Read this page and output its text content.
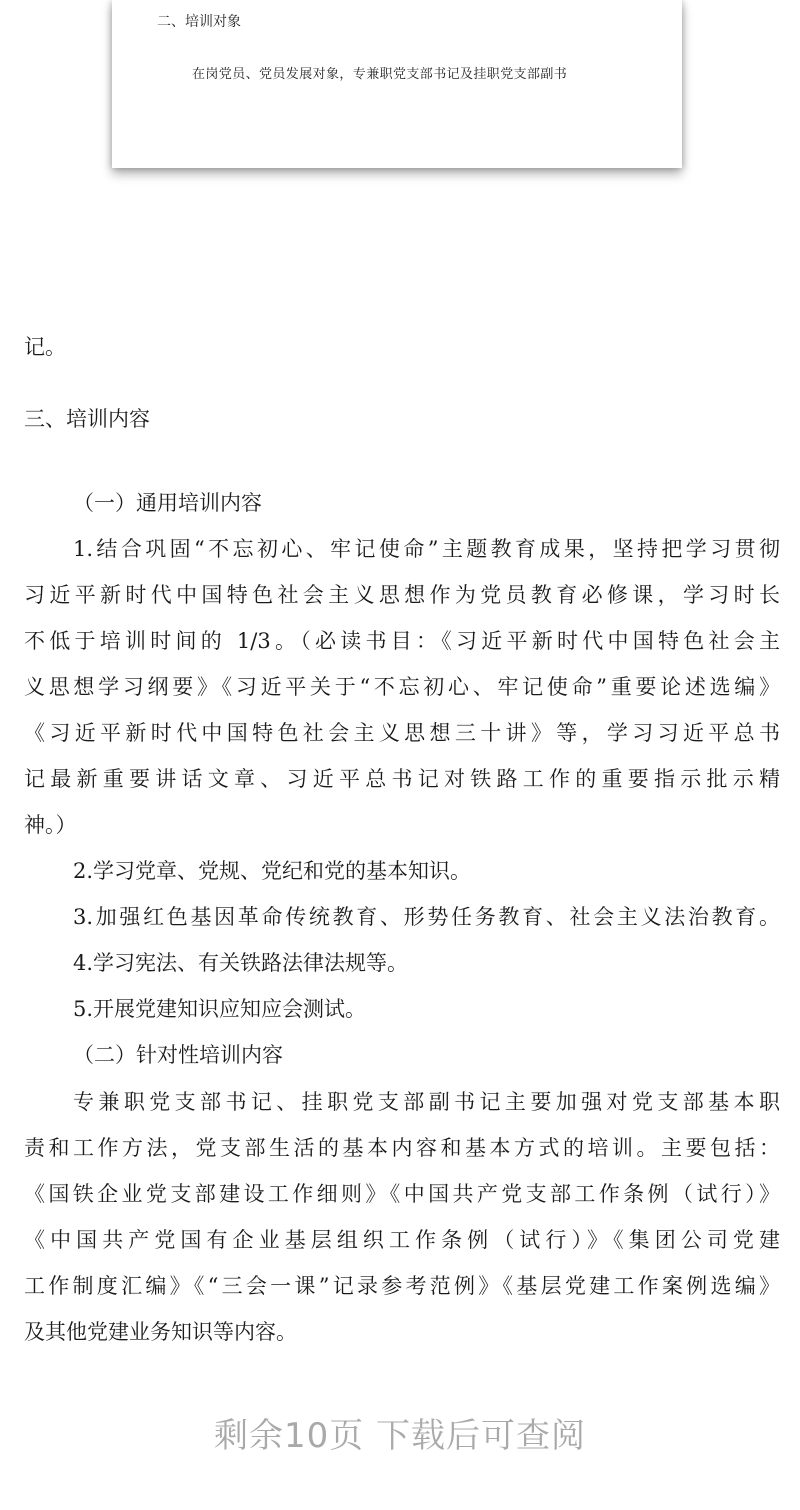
二、培训对象
在岗党员、党员发展对象，专兼职党支部书记及挂职党支部副书
记。
三、培训内容
（一）通用培训内容
1.结合巩固“不忘初心、牢记使命”主题教育成果，坚持把学习贯彻
习近平新时代中国特色社会主义思想作为党员教育必修课，学习时长
不低于培训时间的 1/3。（必读书目：《习近平新时代中国特色社会主
义思想学习纲要》《习近平关于“不忘初心、牢记使命”重要论述选编》
《习近平新时代中国特色社会主义思想三十讲》等，学习习近平总书
记最新重要讲话文章、习近平总书记对铁路工作的重要指示批示精
神。）
2.学习党章、党规、党纪和党的基本知识。
3.加强红色基因革命传统教育、形势任务教育、社会主义法治教育。
4.学习宪法、有关铁路法律法规等。
5.开展党建知识应知应会测试。
（二）针对性培训内容
专兼职党支部书记、挂职党支部副书记主要加强对党支部基本职
责和工作方法，党支部生活的基本内容和基本方式的培训。主要包括：
《国铁企业党支部建设工作细则》《中国共产党支部工作条例（试行）》
《中国共产党国有企业基层组织工作条例（试行）》《集团公司党建
工作制度汇编》《“三会一课”记录参考范例》《基层党建工作案例选编》
及其他党建业务知识等内容。
剩余10页 下载后可查阅
